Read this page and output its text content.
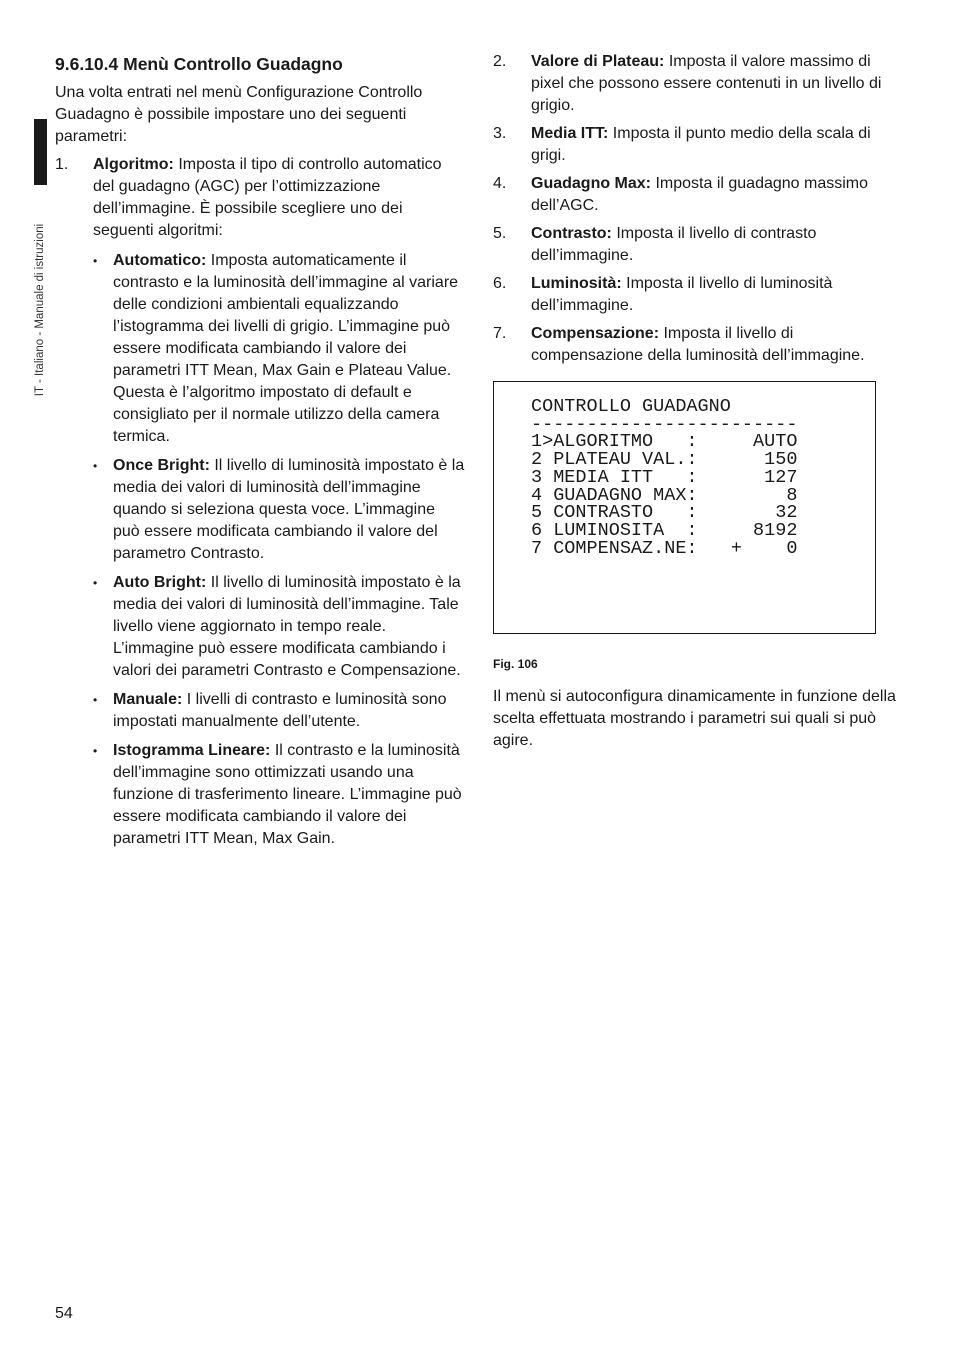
IT - Italiano - Manuale di istruzioni
9.6.10.4 Menù Controllo Guadagno

Una volta entrati nel menù Configurazione Controllo Guadagno è possibile impostare uno dei seguenti parametri:

1. Algoritmo: Imposta il tipo di controllo automatico del guadagno (AGC) per l’ottimizzazione dell’immagine. È possibile scegliere uno dei seguenti algoritmi:
• Automatico: Imposta automaticamente il contrasto e la luminosità dell’immagine al variare delle condizioni ambientali equalizzando l’istogramma dei livelli di grigio. L’immagine può essere modificata cambiando il valore dei parametri ITT Mean, Max Gain e Plateau Value. Questa è l’algoritmo impostato di default e consigliato per il normale utilizzo della camera termica.
• Once Bright: Il livello di luminosità impostato è la media dei valori di luminosità dell’immagine quando si seleziona questa voce. L’immagine può essere modificata cambiando il valore del parametro Contrasto.
• Auto Bright: Il livello di luminosità impostato è la media dei valori di luminosità dell’immagine. Tale livello viene aggiornato in tempo reale. L’immagine può essere modificata cambiando i valori dei parametri Contrasto e Compensazione.
• Manuale: I livelli di contrasto e luminosità sono impostati manualmente dell’utente.
• Istogramma Lineare: Il contrasto e la luminosità dell’immagine sono ottimizzati usando una funzione di trasferimento lineare. L’immagine può essere modificata cambiando il valore dei parametri ITT Mean, Max Gain.
2. Valore di Plateau: Imposta il valore massimo di pixel che possono essere contenuti in un livello di grigio.
3. Media ITT: Imposta il punto medio della scala di grigi.
4. Guadagno Max: Imposta il guadagno massimo dell’AGC.
5. Contrasto: Imposta il livello di contrasto dell’immagine.
6. Luminosità: Imposta il livello di luminosità dell’immagine.
7. Compensazione: Imposta il livello di compensazione della luminosità dell’immagine.
CONTROLLO GUADAGNO
------------------------
1>ALGORITMO   :     AUTO
2 PLATEAU VAL.:      150
3 MEDIA ITT   :      127
4 GUADAGNO MAX:        8
5 CONTRASTO   :       32
6 LUMINOSITA  :     8192
7 COMPENSAZ.NE:   +    0
Fig. 106

Il menù si autoconfigura dinamicamente in funzione della scelta effettuata mostrando i parametri sui quali si può agire.

54
